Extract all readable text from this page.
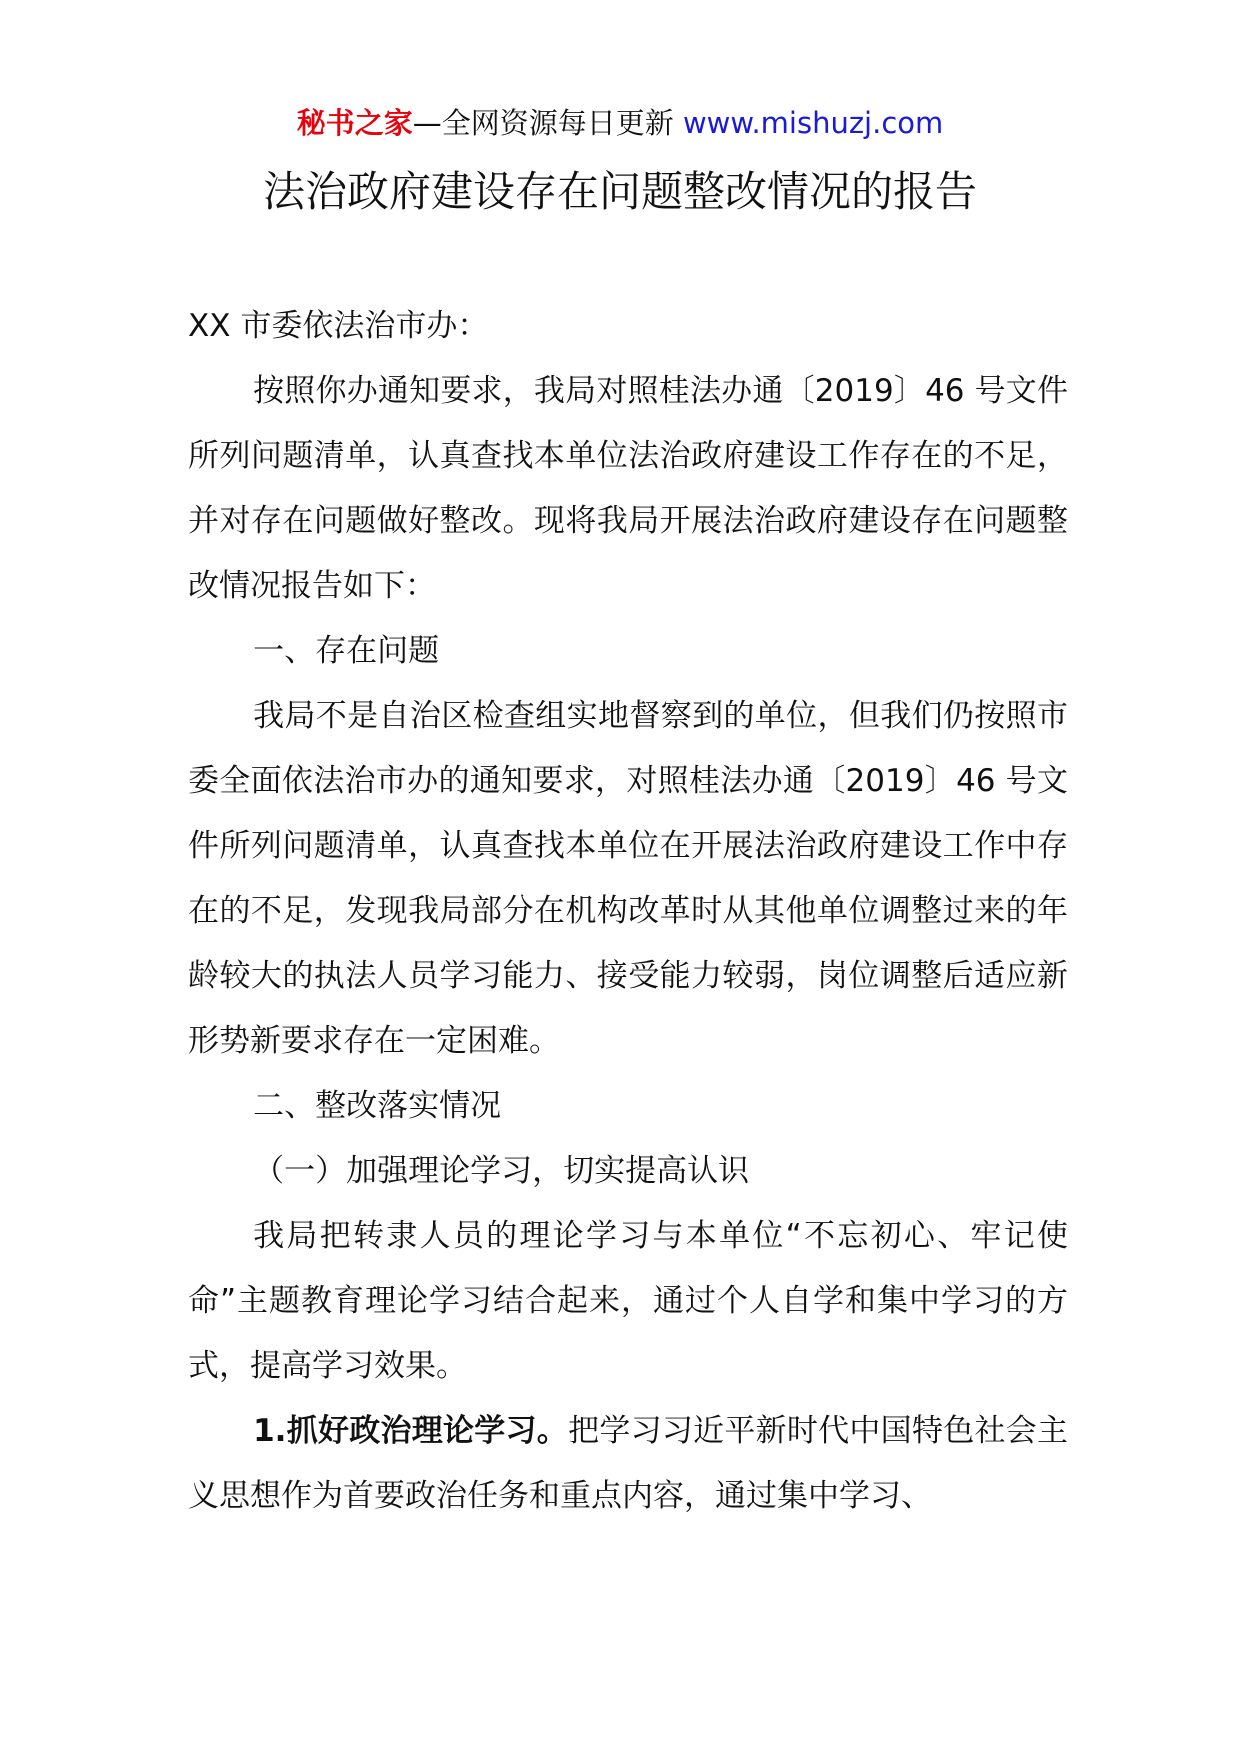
秘书之家—全网资源每日更新 www.mishuzj.com
法治政府建设存在问题整改情况的报告

XX 市委依法治市办：

按照你办通知要求，我局对照桂法办通〔2019〕46 号文件所列问题清单，认真查找本单位法治政府建设工作存在的不足，并对存在问题做好整改。现将我局开展法治政府建设存在问题整改情况报告如下：

一、存在问题

我局不是自治区检查组实地督察到的单位，但我们仍按照市委全面依法治市办的通知要求，对照桂法办通〔2019〕46 号文件所列问题清单，认真查找本单位在开展法治政府建设工作中存在的不足，发现我局部分在机构改革时从其他单位调整过来的年龄较大的执法人员学习能力、接受能力较弱，岗位调整后适应新形势新要求存在一定困难。

二、整改落实情况

（一）加强理论学习，切实提高认识

我局把转隶人员的理论学习与本单位“不忘初心、牢记使命”主题教育理论学习结合起来，通过个人自学和集中学习的方式，提高学习效果。

1.抓好政治理论学习。把学习习近平新时代中国特色社会主义思想作为首要政治任务和重点内容，通过集中学习、
